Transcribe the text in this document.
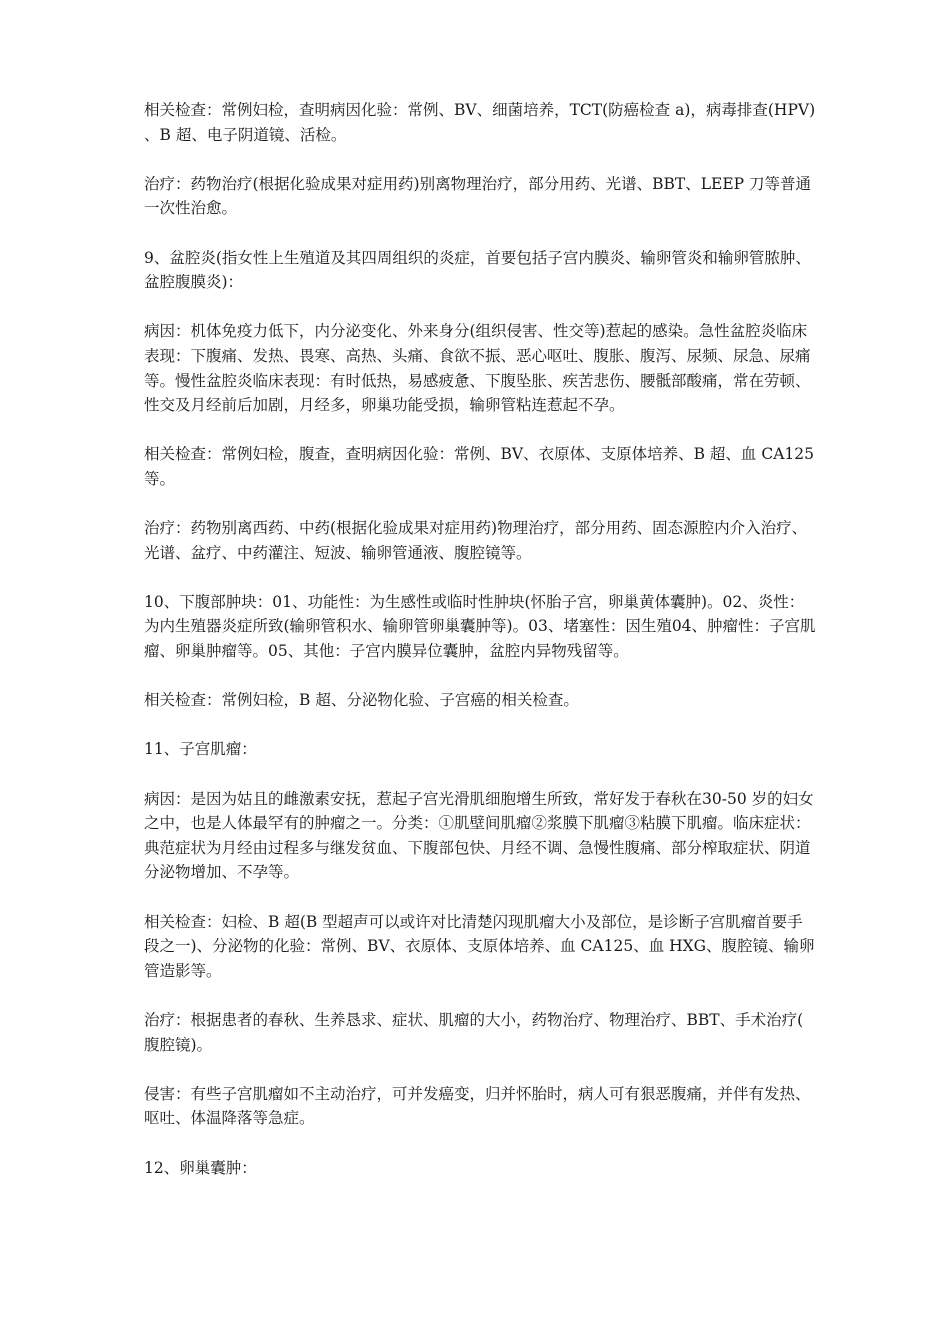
相关检查：常例妇检，查明病因化验：常例、BV、细菌培养，TCT(防癌检查 a)，病毒排查(HPV)、B 超、电子阴道镜、活检。

治疗：药物治疗(根据化验成果对症用药)别离物理治疗，部分用药、光谱、BBT、LEEP 刀等普通一次性治愈。

9、盆腔炎(指女性上生殖道及其四周组织的炎症，首要包括子宫内膜炎、输卵管炎和输卵管脓肿、盆腔腹膜炎)：

病因：机体免疫力低下，内分泌变化、外来身分(组织侵害、性交等)惹起的感染。急性盆腔炎临床表现：下腹痛、发热、畏寒、高热、头痛、食欲不振、恶心呕吐、腹胀、腹泻、尿频、尿急、尿痛等。慢性盆腔炎临床表现：有时低热，易感疲惫、下腹坠胀、疾苦悲伤、腰骶部酸痛，常在劳顿、性交及月经前后加剧，月经多，卵巢功能受损，输卵管粘连惹起不孕。

相关检查：常例妇检，腹查，查明病因化验：常例、BV、衣原体、支原体培养、B 超、血 CA125 等。

治疗：药物别离西药、中药(根据化验成果对症用药)物理治疗，部分用药、固态源腔内介入治疗、光谱、盆疗、中药灌注、短波、输卵管通液、腹腔镜等。

10、下腹部肿块：01、功能性：为生感性或临时性肿块(怀胎子宫，卵巢黄体囊肿)。02、炎性：为内生殖器炎症所致(输卵管积水、输卵管卵巢囊肿等)。03、堵塞性：因生殖04、肿瘤性：子宫肌瘤、卵巢肿瘤等。05、其他：子宫内膜异位囊肿，盆腔内异物残留等。

相关检查：常例妇检，B 超、分泌物化验、子宫癌的相关检查。

11、子宫肌瘤：

病因：是因为姑且的雌激素安抚，惹起子宫光滑肌细胞增生所致，常好发于春秋在30-50 岁的妇女之中，也是人体最罕有的肿瘤之一。分类：①肌壁间肌瘤②浆膜下肌瘤③粘膜下肌瘤。临床症状：典范症状为月经由过程多与继发贫血、下腹部包快、月经不调、急慢性腹痛、部分榨取症状、阴道分泌物增加、不孕等。

相关检查：妇检、B 超(B 型超声可以或许对比清楚闪现肌瘤大小及部位，是诊断子宫肌瘤首要手段之一)、分泌物的化验：常例、BV、衣原体、支原体培养、血 CA125、血 HXG、腹腔镜、输卵管造影等。

治疗：根据患者的春秋、生养恳求、症状、肌瘤的大小，药物治疗、物理治疗、BBT、手术治疗(腹腔镜)。

侵害：有些子宫肌瘤如不主动治疗，可并发癌变，归并怀胎时，病人可有狠恶腹痛，并伴有发热、呕吐、体温降落等急症。

12、卵巢囊肿：
